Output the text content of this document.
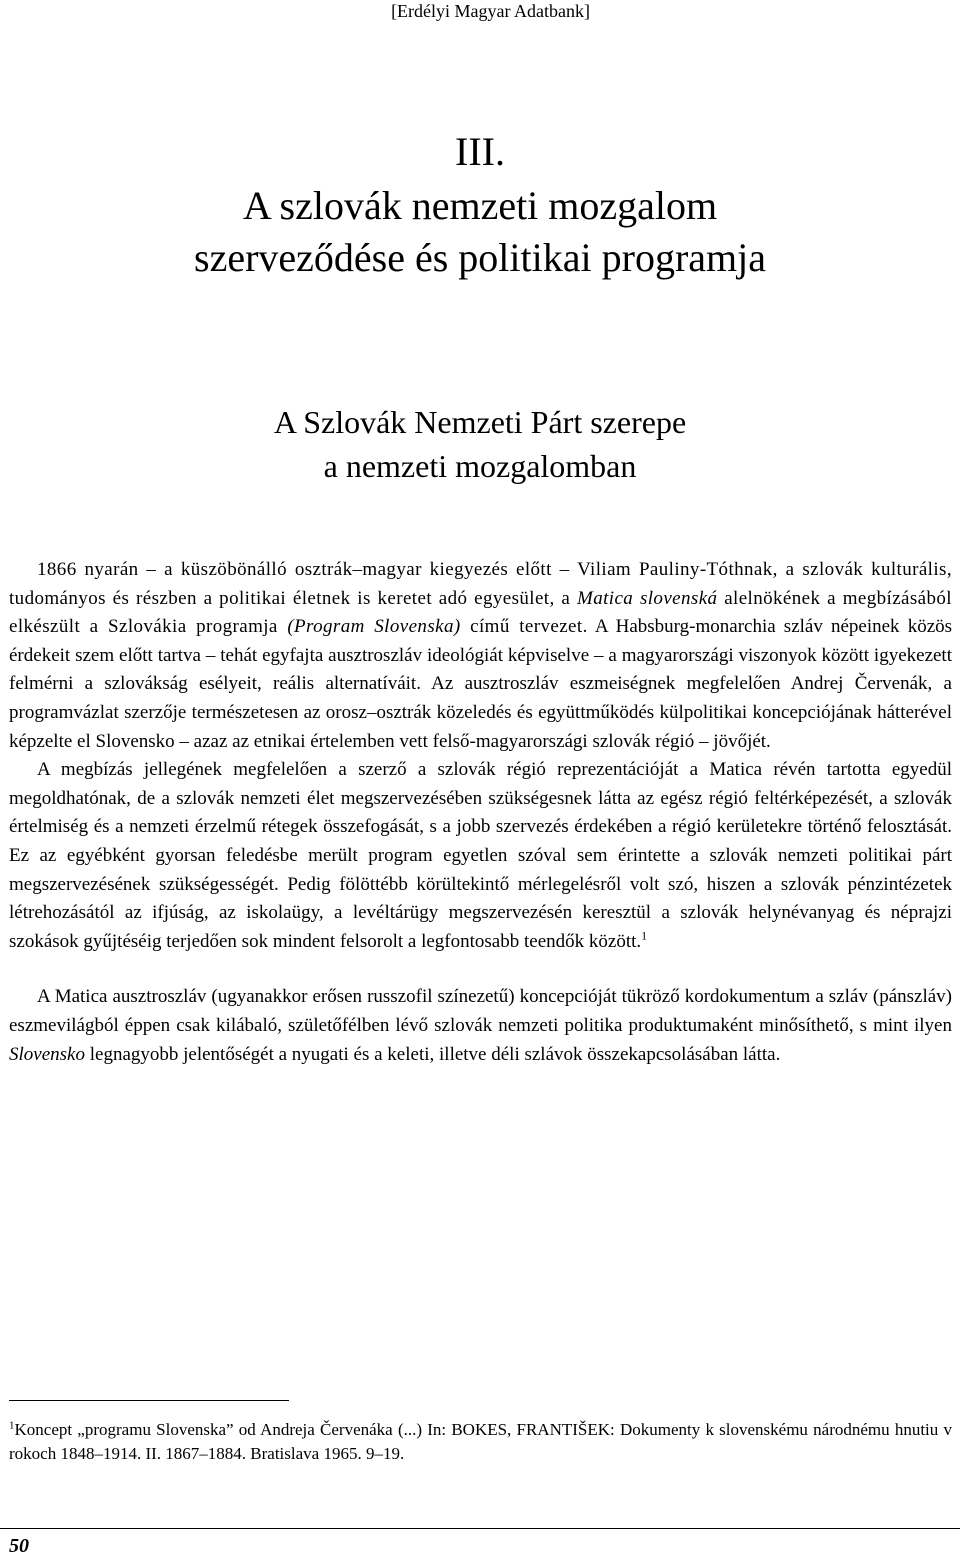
[Erdélyi Magyar Adatbank]
III.
A szlovák nemzeti mozgalom
szerveződése és politikai programja
A Szlovák Nemzeti Párt szerepe
a nemzeti mozgalomban

1866 nyarán – a küszöbönálló osztrák–magyar kiegyezés előtt – Viliam Pauliny-Tóthnak, a szlovák kulturális, tudományos és részben a politikai életnek is keretet adó egyesület, a Matica slovenská alelnökének a megbízásából elkészült a Szlovákia programja (Program Slovenska) című tervezet. A Habsburg-monarchia szláv népeinek közös érdekeit szem előtt tartva – tehát egyfajta ausztroszláv ideológiát képviselve – a magyarországi viszonyok között igyekezett felmérni a szlovákság esélyeit, reális alternatíváit. Az ausztroszláv eszmeiségnek megfelelően Andrej Červenák, a programvázlat szerzője természetesen az orosz–osztrák közeledés és együttműködés külpolitikai koncepciójának hátterével képzelte el Slovensko – azaz az etnikai értelemben vett felső-magyarországi szlovák régió – jövőjét.

A megbízás jellegének megfelelően a szerző a szlovák régió reprezentációját a Matica révén tartotta egyedül megoldhatónak, de a szlovák nemzeti élet megszervezésében szükségesnek látta az egész régió feltérképezését, a szlovák értelmiség és a nemzeti érzelmű rétegek összefogását, s a jobb szervezés érdekében a régió kerületekre történő felosztását. Ez az egyébként gyorsan feledésbe merült program egyetlen szóval sem érintette a szlovák nemzeti politikai párt megszervezésének szükségességét. Pedig fölöttébb körültekintő mérlegelésről volt szó, hiszen a szlovák pénzintézetek létrehozásától az ifjúság, az iskolaügy, a levéltárügy megszervezésén keresztül a szlovák helynévanyag és néprajzi szokások gyűjtéséig terjedően sok mindent felsorolt a legfontosabb teendők között.$^1$

A Matica ausztroszláv (ugyanakkor erősen russzofil színezetű) koncepcióját tükröző kordokumentum a szláv (pánszláv) eszmevilágból éppen csak kilábaló, születőfélben lévő szlovák nemzeti politika produktumaként minősíthető, s mint ilyen Slovensko legnagyobb jelentőségét a nyugati és a keleti, illetve déli szlávok összekapcsolásában látta.

$^1$Koncept „programu Slovenska” od Andreja Červenáka (...) In: BOKES, FRANTIŠEK: Dokumenty k slovenskému národnému hnutiu v rokoch 1848–1914. II. 1867–1884. Bratislava 1965. 9–19.
50
